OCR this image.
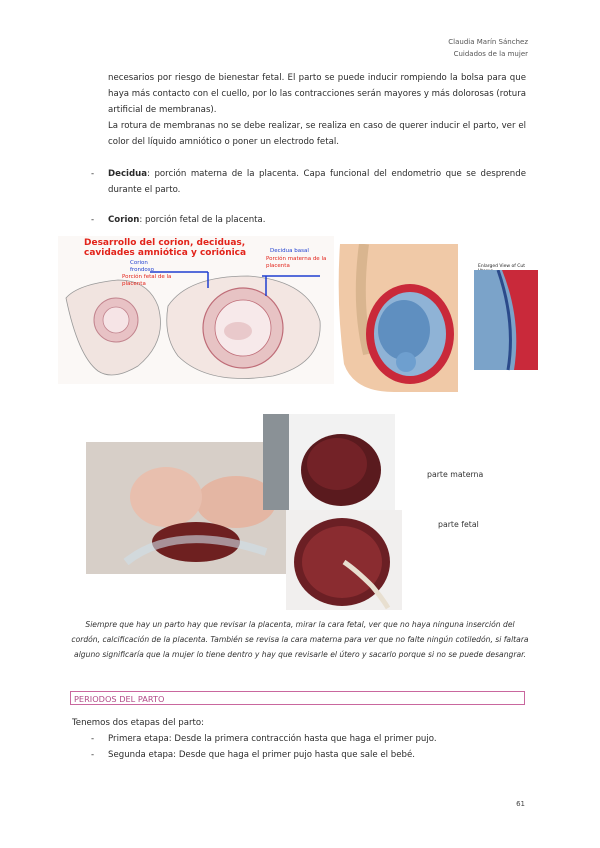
Claudia Marín Sánchez
Cuidados de la mujer
necesarios por riesgo de bienestar fetal. El parto se puede inducir rompiendo la bolsa para que haya más contacto con el cuello, por lo las contracciones serán mayores y más dolorosas (rotura artificial de membranas).
La rotura de membranas no se debe realizar, se realiza en caso de querer inducir el parto, ver el color del líquido amniótico o poner un electrodo fetal.
- Decidua: porción materna de la placenta. Capa funcional del endometrio que se desprende durante el parto.
- Corion: porción fetal de la placenta.
Desarrollo del corion, deciduas,
cavidades amniótica y coriónica
Corion frondoso
Porción fetal de la placenta
Decidua basal
Porción materna de la placenta	Enlarged View of Cut
parte materna
parte fetal
Siempre que hay un parto hay que revisar la placenta, mirar la cara fetal, ver que no haya ninguna inserción del cordón, calcificación de la placenta. También se revisa la cara materna para ver que no falte ningún cotiledón, si faltara alguno significaría que la mujer lo tiene dentro y hay que revisarle el útero y sacarlo porque si no se puede desangrar.
PERIODOS DEL PARTO
Tenemos dos etapas del parto:
- Primera etapa: Desde la primera contracción hasta que haga el primer pujo.
- Segunda etapa: Desde que haga el primer pujo hasta que sale el bebé.
61
